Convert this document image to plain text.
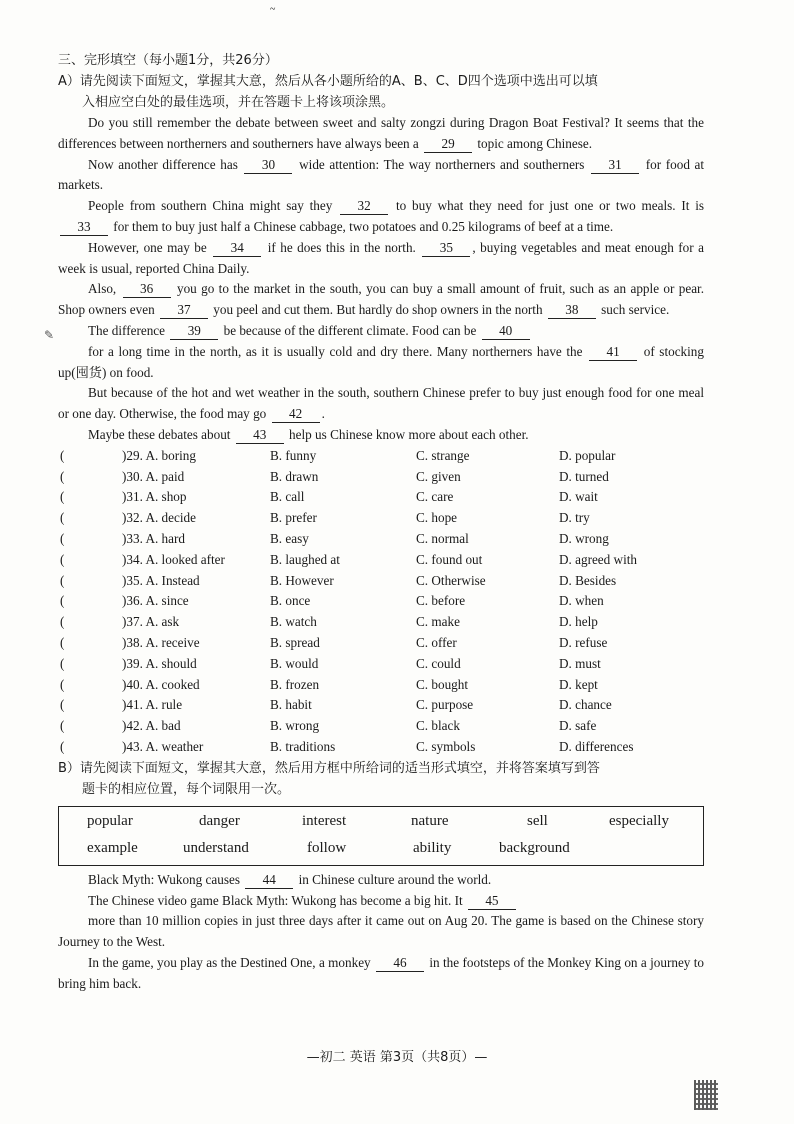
~
✎
三、完形填空（每小题1分，共26分）
A）请先阅读下面短文，掌握其大意，然后从各小题所给的A、B、C、D四个选项中选出可以填
入相应空白处的最佳选项，并在答题卡上将该项涂黑。

Do you still remember the debate between sweet and salty zongzi during Dragon Boat Festival? It seems that the differences between northerners and southerners have always been a 29 topic among Chinese.

Now another difference has 30 wide attention: The way northerners and southerners 31 for food at markets.

People from southern China might say they 32 to buy what they need for just one or two meals. It is 33 for them to buy just half a Chinese cabbage, two potatoes and 0.25 kilograms of beef at a time.

However, one may be 34 if he does this in the north. 35 , buying vegetables and meat enough for a week is usual, reported China Daily.

Also, 36 you go to the market in the south, you can buy a small amount of fruit, such as an apple or pear. Shop owners even 37 you peel and cut them. But hardly do shop owners in the north 38 such service.

The difference 39 be because of the different climate. Food can be 40

for a long time in the north, as it is usually cold and dry there. Many northerners have the 41 of stocking up(囤货) on food.

But because of the hot and wet weather in the south, southern Chinese prefer to buy just enough food for one meal or one day. Otherwise, the food may go 42 .

Maybe these debates about 43 help us Chinese know more about each other.

(	)29. A. boring	B. funny	C. strange	D. popular
(	)30. A. paid	B. drawn	C. given	D. turned
(	)31. A. shop	B. call	C. care	D. wait
(	)32. A. decide	B. prefer	C. hope	D. try
(	)33. A. hard	B. easy	C. normal	D. wrong
(	)34. A. looked after	B. laughed at	C. found out	D. agreed with
(	)35. A. Instead	B. However	C. Otherwise	D. Besides
(	)36. A. since	B. once	C. before	D. when
(	)37. A. ask	B. watch	C. make	D. help
(	)38. A. receive	B. spread	C. offer	D. refuse
(	)39. A. should	B. would	C. could	D. must
(	)40. A. cooked	B. frozen	C. bought	D. kept
(	)41. A. rule	B. habit	C. purpose	D. chance
(	)42. A. bad	B. wrong	C. black	D. safe
(	)43. A. weather	B. traditions	C. symbols	D. differences
B）请先阅读下面短文，掌握其大意，然后用方框中所给词的适当形式填空，并将答案填写到答
题卡的相应位置，每个词限用一次。
popular	danger	interest	nature	sell	especially
example	understand	follow	ability	background

Black Myth: Wukong causes 44 in Chinese culture around the world.

The Chinese video game Black Myth: Wukong has become a big hit. It 45

more than 10 million copies in just three days after it came out on Aug 20. The game is based on the Chinese story Journey to the West.

In the game, you play as the Destined One, a monkey 46 in the footsteps of the Monkey King on a journey to bring him back.

—初二 英语 第3页（共8页）—
